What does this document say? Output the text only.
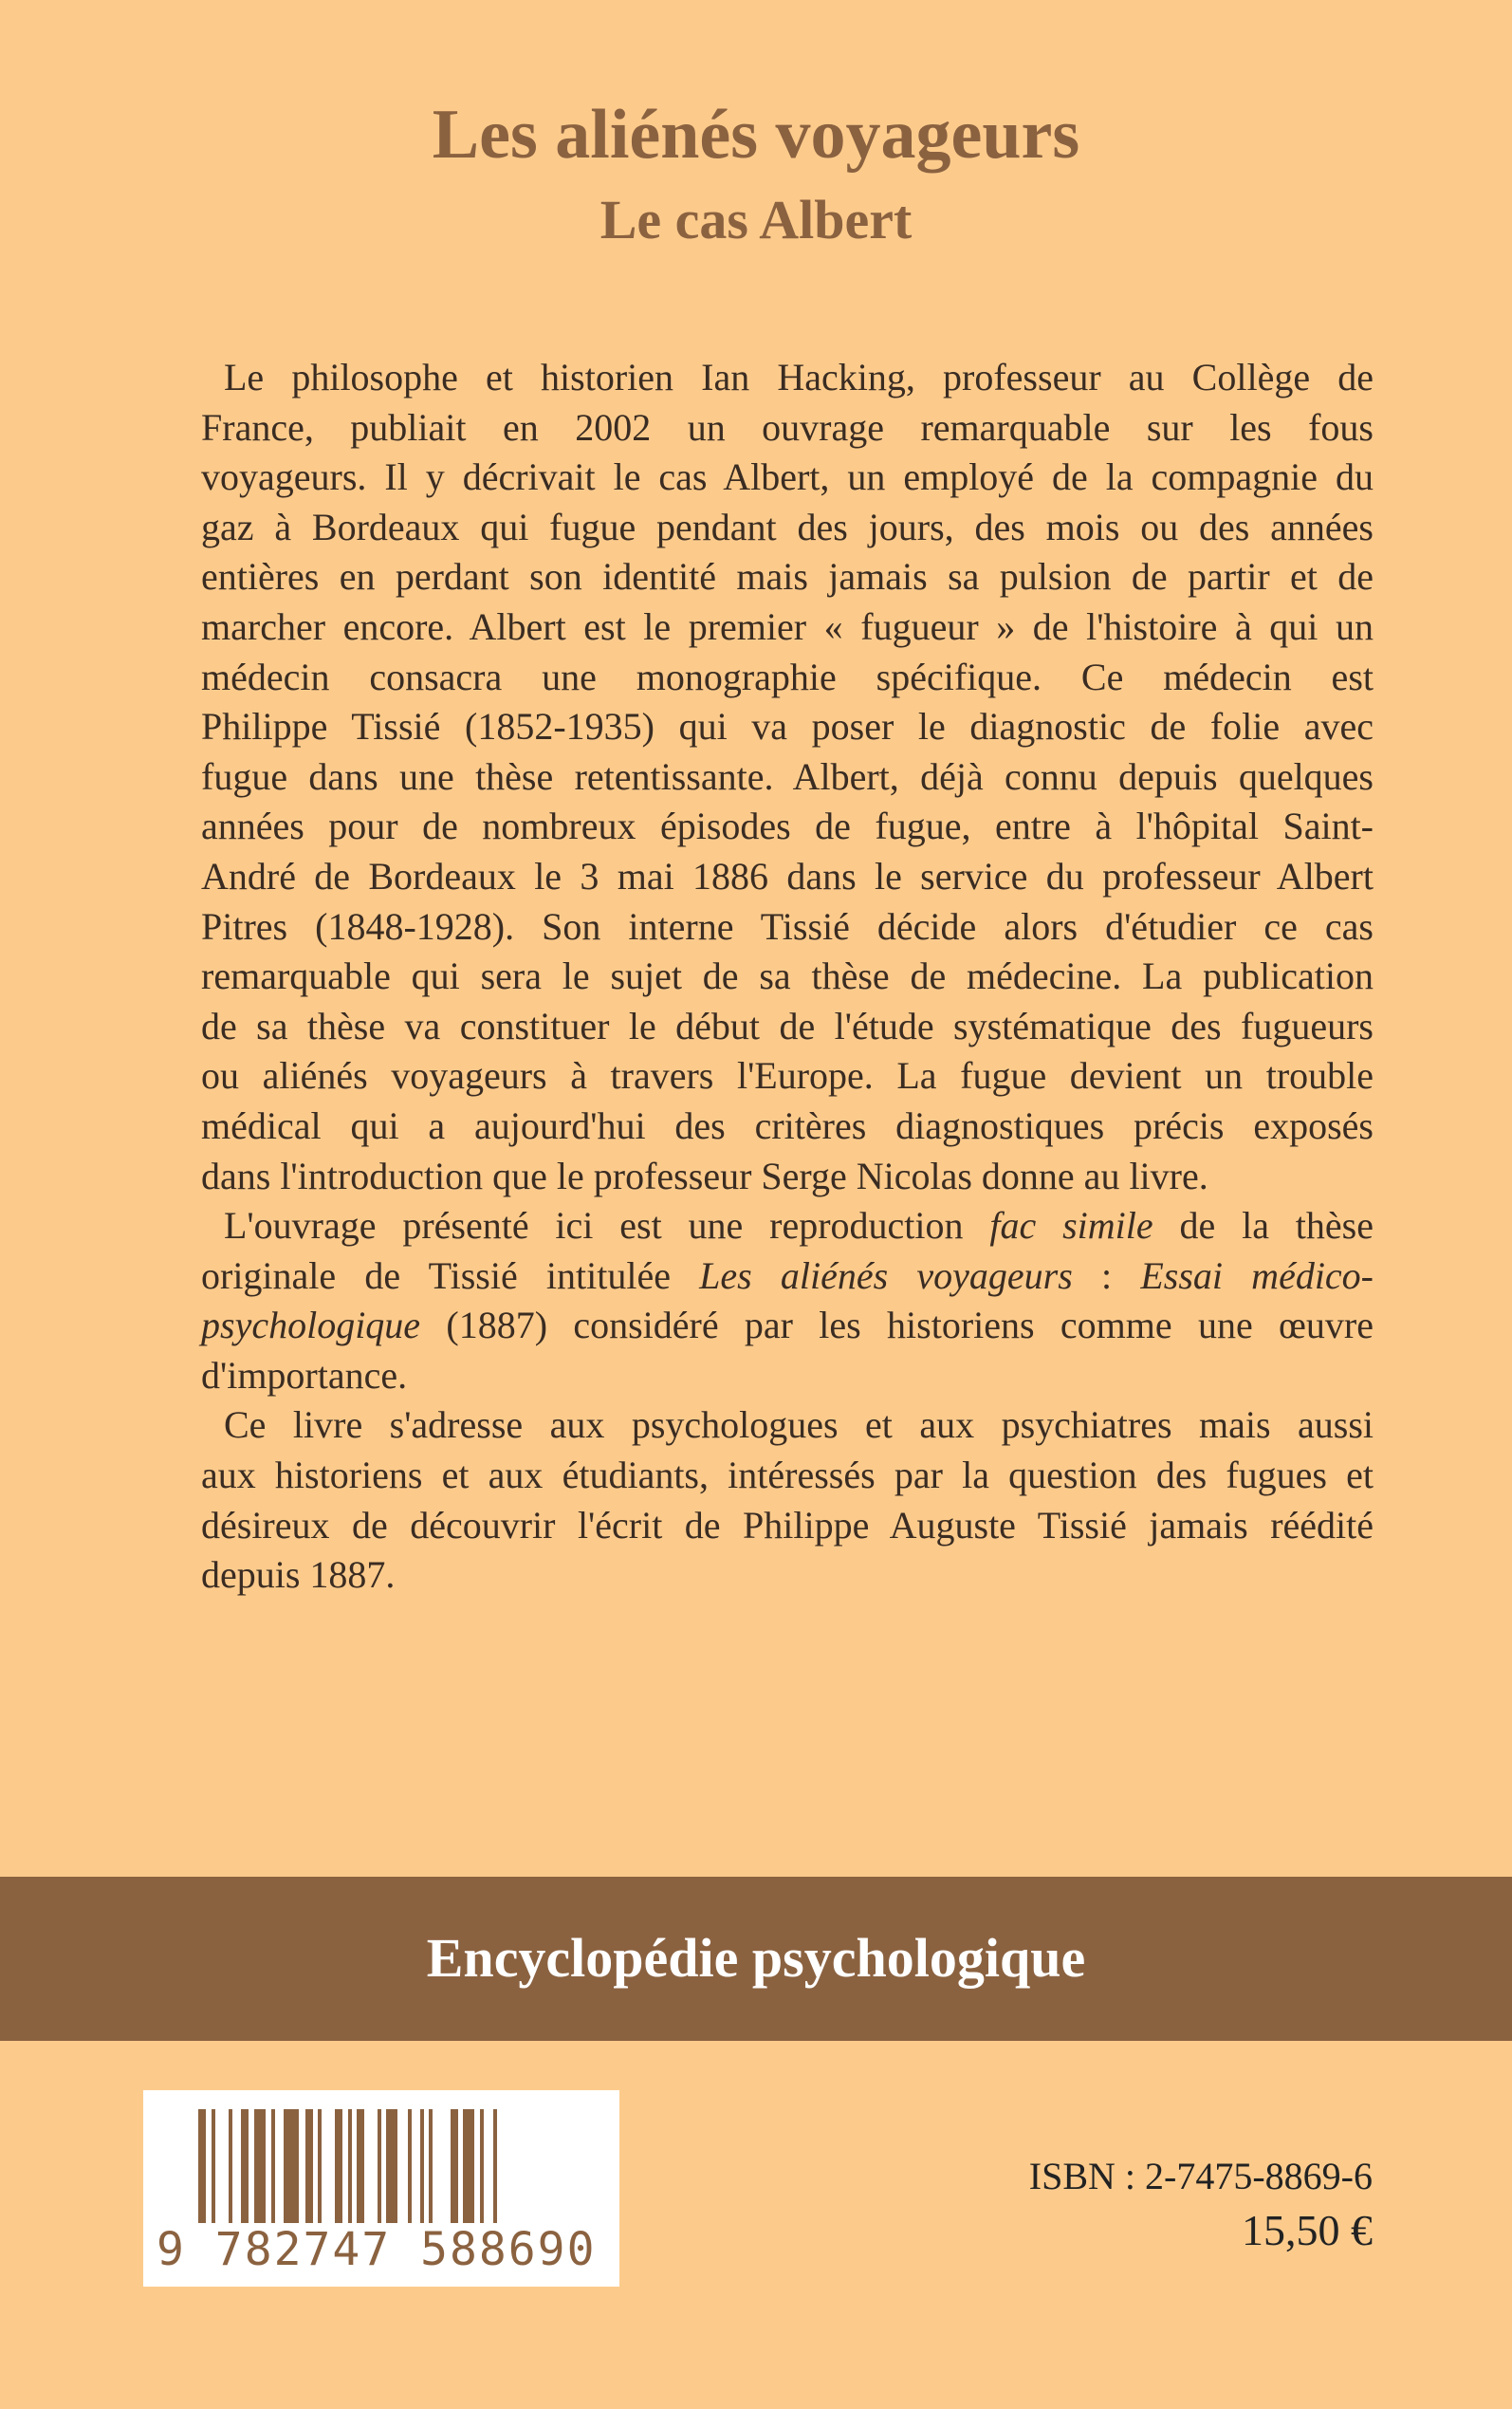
Les aliénés voyageurs
Le cas Albert
Le philosophe et historien Ian Hacking, professeur au Collège de
France, publiait en 2002 un ouvrage remarquable sur les fous
voyageurs. Il y décrivait le cas Albert, un employé de la compagnie du
gaz à Bordeaux qui fugue pendant des jours, des mois ou des années
entières en perdant son identité mais jamais sa pulsion de partir et de
marcher encore. Albert est le premier « fugueur » de l'histoire à qui un
médecin consacra une monographie spécifique. Ce médecin est
Philippe Tissié (1852-1935) qui va poser le diagnostic de folie avec
fugue dans une thèse retentissante. Albert, déjà connu depuis quelques
années pour de nombreux épisodes de fugue, entre à l'hôpital Saint-
André de Bordeaux le 3 mai 1886 dans le service du professeur Albert
Pitres (1848-1928). Son interne Tissié décide alors d'étudier ce cas
remarquable qui sera le sujet de sa thèse de médecine. La publication
de sa thèse va constituer le début de l'étude systématique des fugueurs
ou aliénés voyageurs à travers l'Europe. La fugue devient un trouble
médical qui a aujourd'hui des critères diagnostiques précis exposés
dans l'introduction que le professeur Serge Nicolas donne au livre.
L'ouvrage présenté ici est une reproduction fac simile de la thèse
originale de Tissié intitulée Les aliénés voyageurs : Essai médico-
psychologique (1887) considéré par les historiens comme une œuvre
d'importance.
Ce livre s'adresse aux psychologues et aux psychiatres mais aussi
aux historiens et aux étudiants, intéressés par la question des fugues et
désireux de découvrir l'écrit de Philippe Auguste Tissié jamais réédité
depuis 1887.
Encyclopédie psychologique
9 782747 588690
ISBN : 2-7475-8869-6
15,50 €
